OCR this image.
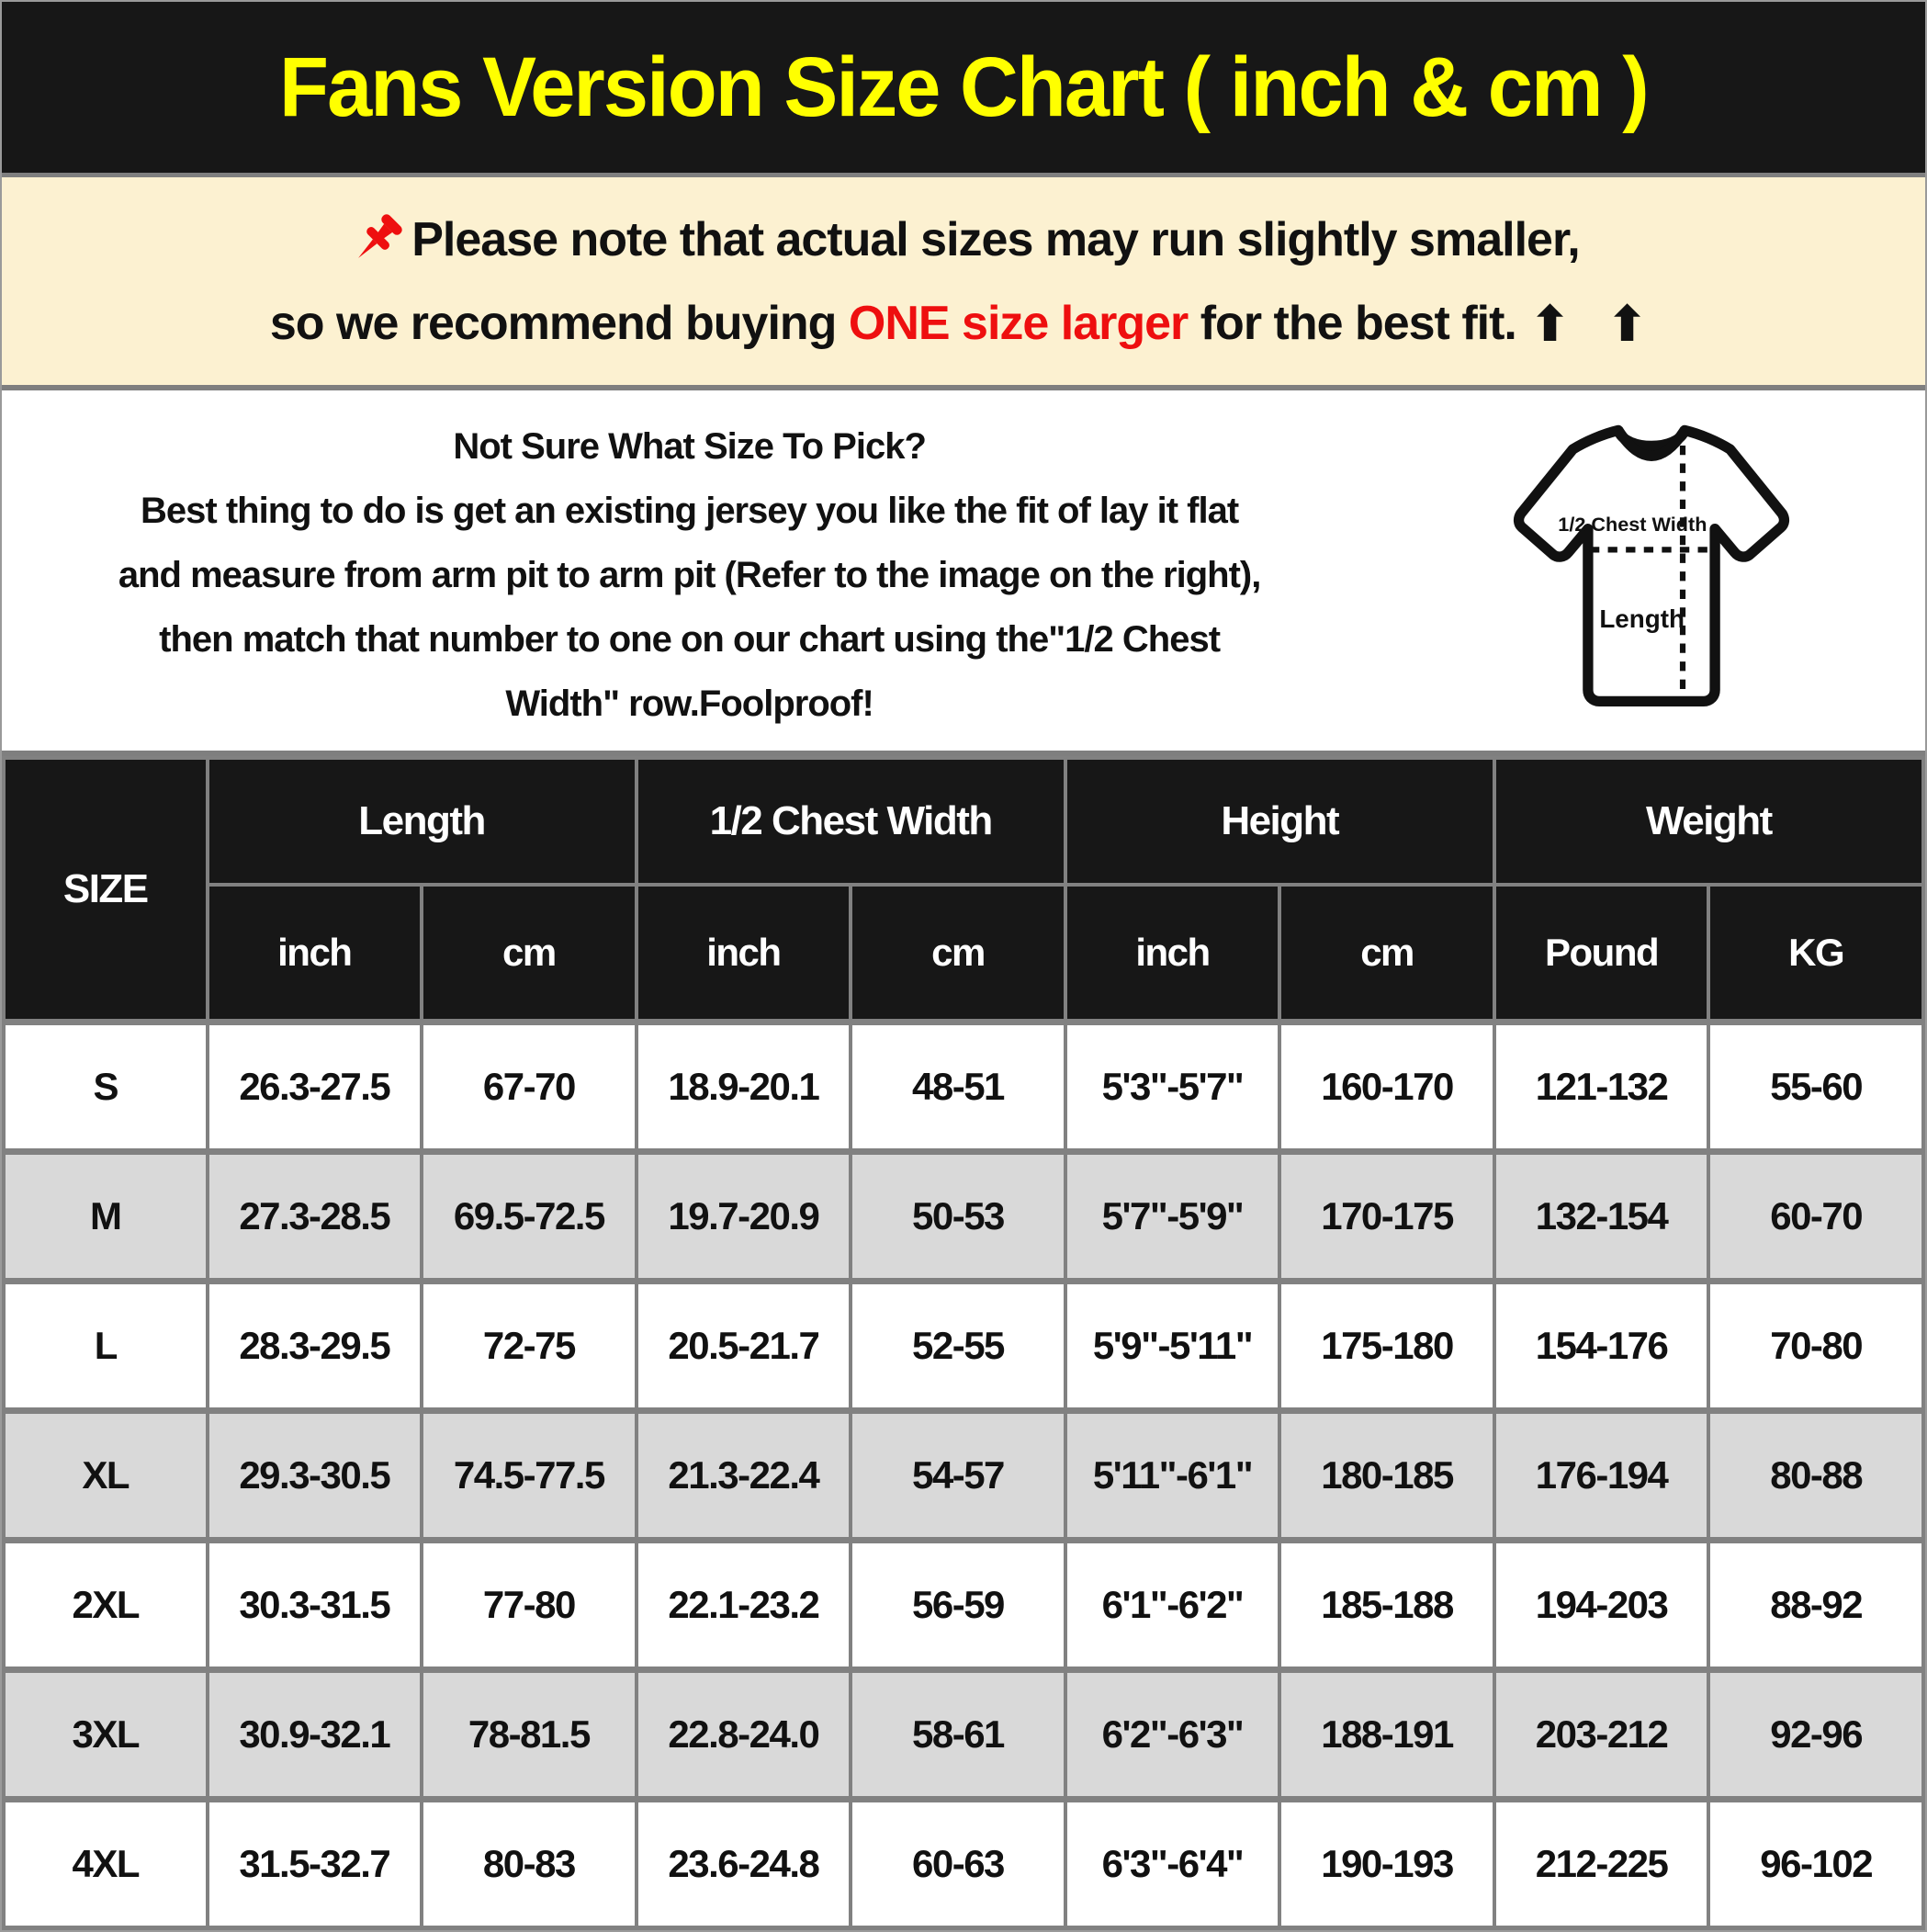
Fans Version Size Chart ( inch & cm )
Please note that actual sizes may run slightly smaller,
so we recommend buying
ONE size larger
for the best fit. ⬆ ⬆
Not Sure What Size To Pick?
Best thing to do is get an existing jersey you like the fit of lay it flat
and measure from arm pit to arm pit (Refer to the image on the right),
then match that number to one on our chart using the"1/2 Chest
Width" row.Foolproof!
1/2 Chest Width
Length
SIZE	Length		1/2 Chest Width		Height		Weight	
	inch	cm	inch	cm	inch	cm	Pound	KG
S	26.3-27.5	67-70	18.9-20.1	48-51	5'3"-5'7"	160-170	121-132	55-60
M	27.3-28.5	69.5-72.5	19.7-20.9	50-53	5'7"-5'9"	170-175	132-154	60-70
L	28.3-29.5	72-75	20.5-21.7	52-55	5'9"-5'11"	175-180	154-176	70-80
XL	29.3-30.5	74.5-77.5	21.3-22.4	54-57	5'11"-6'1"	180-185	176-194	80-88
2XL	30.3-31.5	77-80	22.1-23.2	56-59	6'1"-6'2"	185-188	194-203	88-92
3XL	30.9-32.1	78-81.5	22.8-24.0	58-61	6'2"-6'3"	188-191	203-212	92-96
4XL	31.5-32.7	80-83	23.6-24.8	60-63	6'3"-6'4"	190-193	212-225	96-102
